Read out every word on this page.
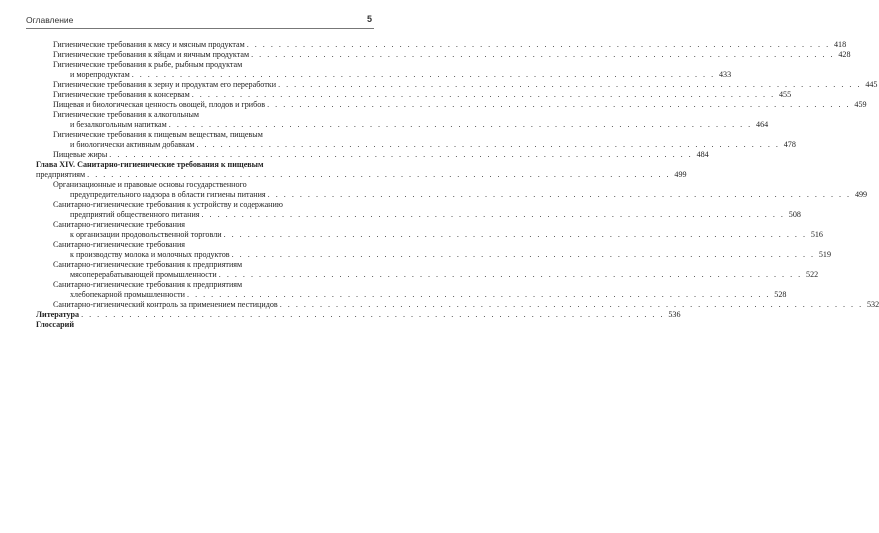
Оглавление	5
Гигиенические требования к мясу и мясным продуктам . . .	418
Гигиенические требования к яйцам и яичным продуктам . . .	428
Гигиенические требования к рыбе, рыбным продуктам
и морепродуктам . . .	433
Гигиенические требования к зерну и продуктам его переработки . . .	445
Гигиенические требования к консервам . . .	455
Пищевая и биологическая ценность овощей, плодов и грибов . . .	459
Гигиенические требования к алкогольным
и безалкогольным напиткам . . .	464
Гигиенические требования к пищевым веществам, пищевым
и биологически активным добавкам . . .	478
Пищевые жиры . . .	484
Глава XIV. Санитарно-гигиенические требования к пищевым
предприятиям . . .	499
Организационные и правовые основы государственного
предупредительного надзора в области гигиены питания . . .	499
Санитарно-гигиенические требования к устройству и содержанию
предприятий общественного питания . . .	508
Санитарно-гигиенические требования
к организации продовольственной торговли . . .	516
Санитарно-гигиенические требования
к производству молока и молочных продуктов . . .	519
Санитарно-гигиенические требования к предприятиям
мясоперерабатывающей промышленности . . .	522
Санитарно-гигиенические требования к предприятиям
хлебопекарной промышленности . . .	528
Санитарно-гигиенический контроль за применением пестицидов . . .	532
Литература . . .	536
Глоссарий
